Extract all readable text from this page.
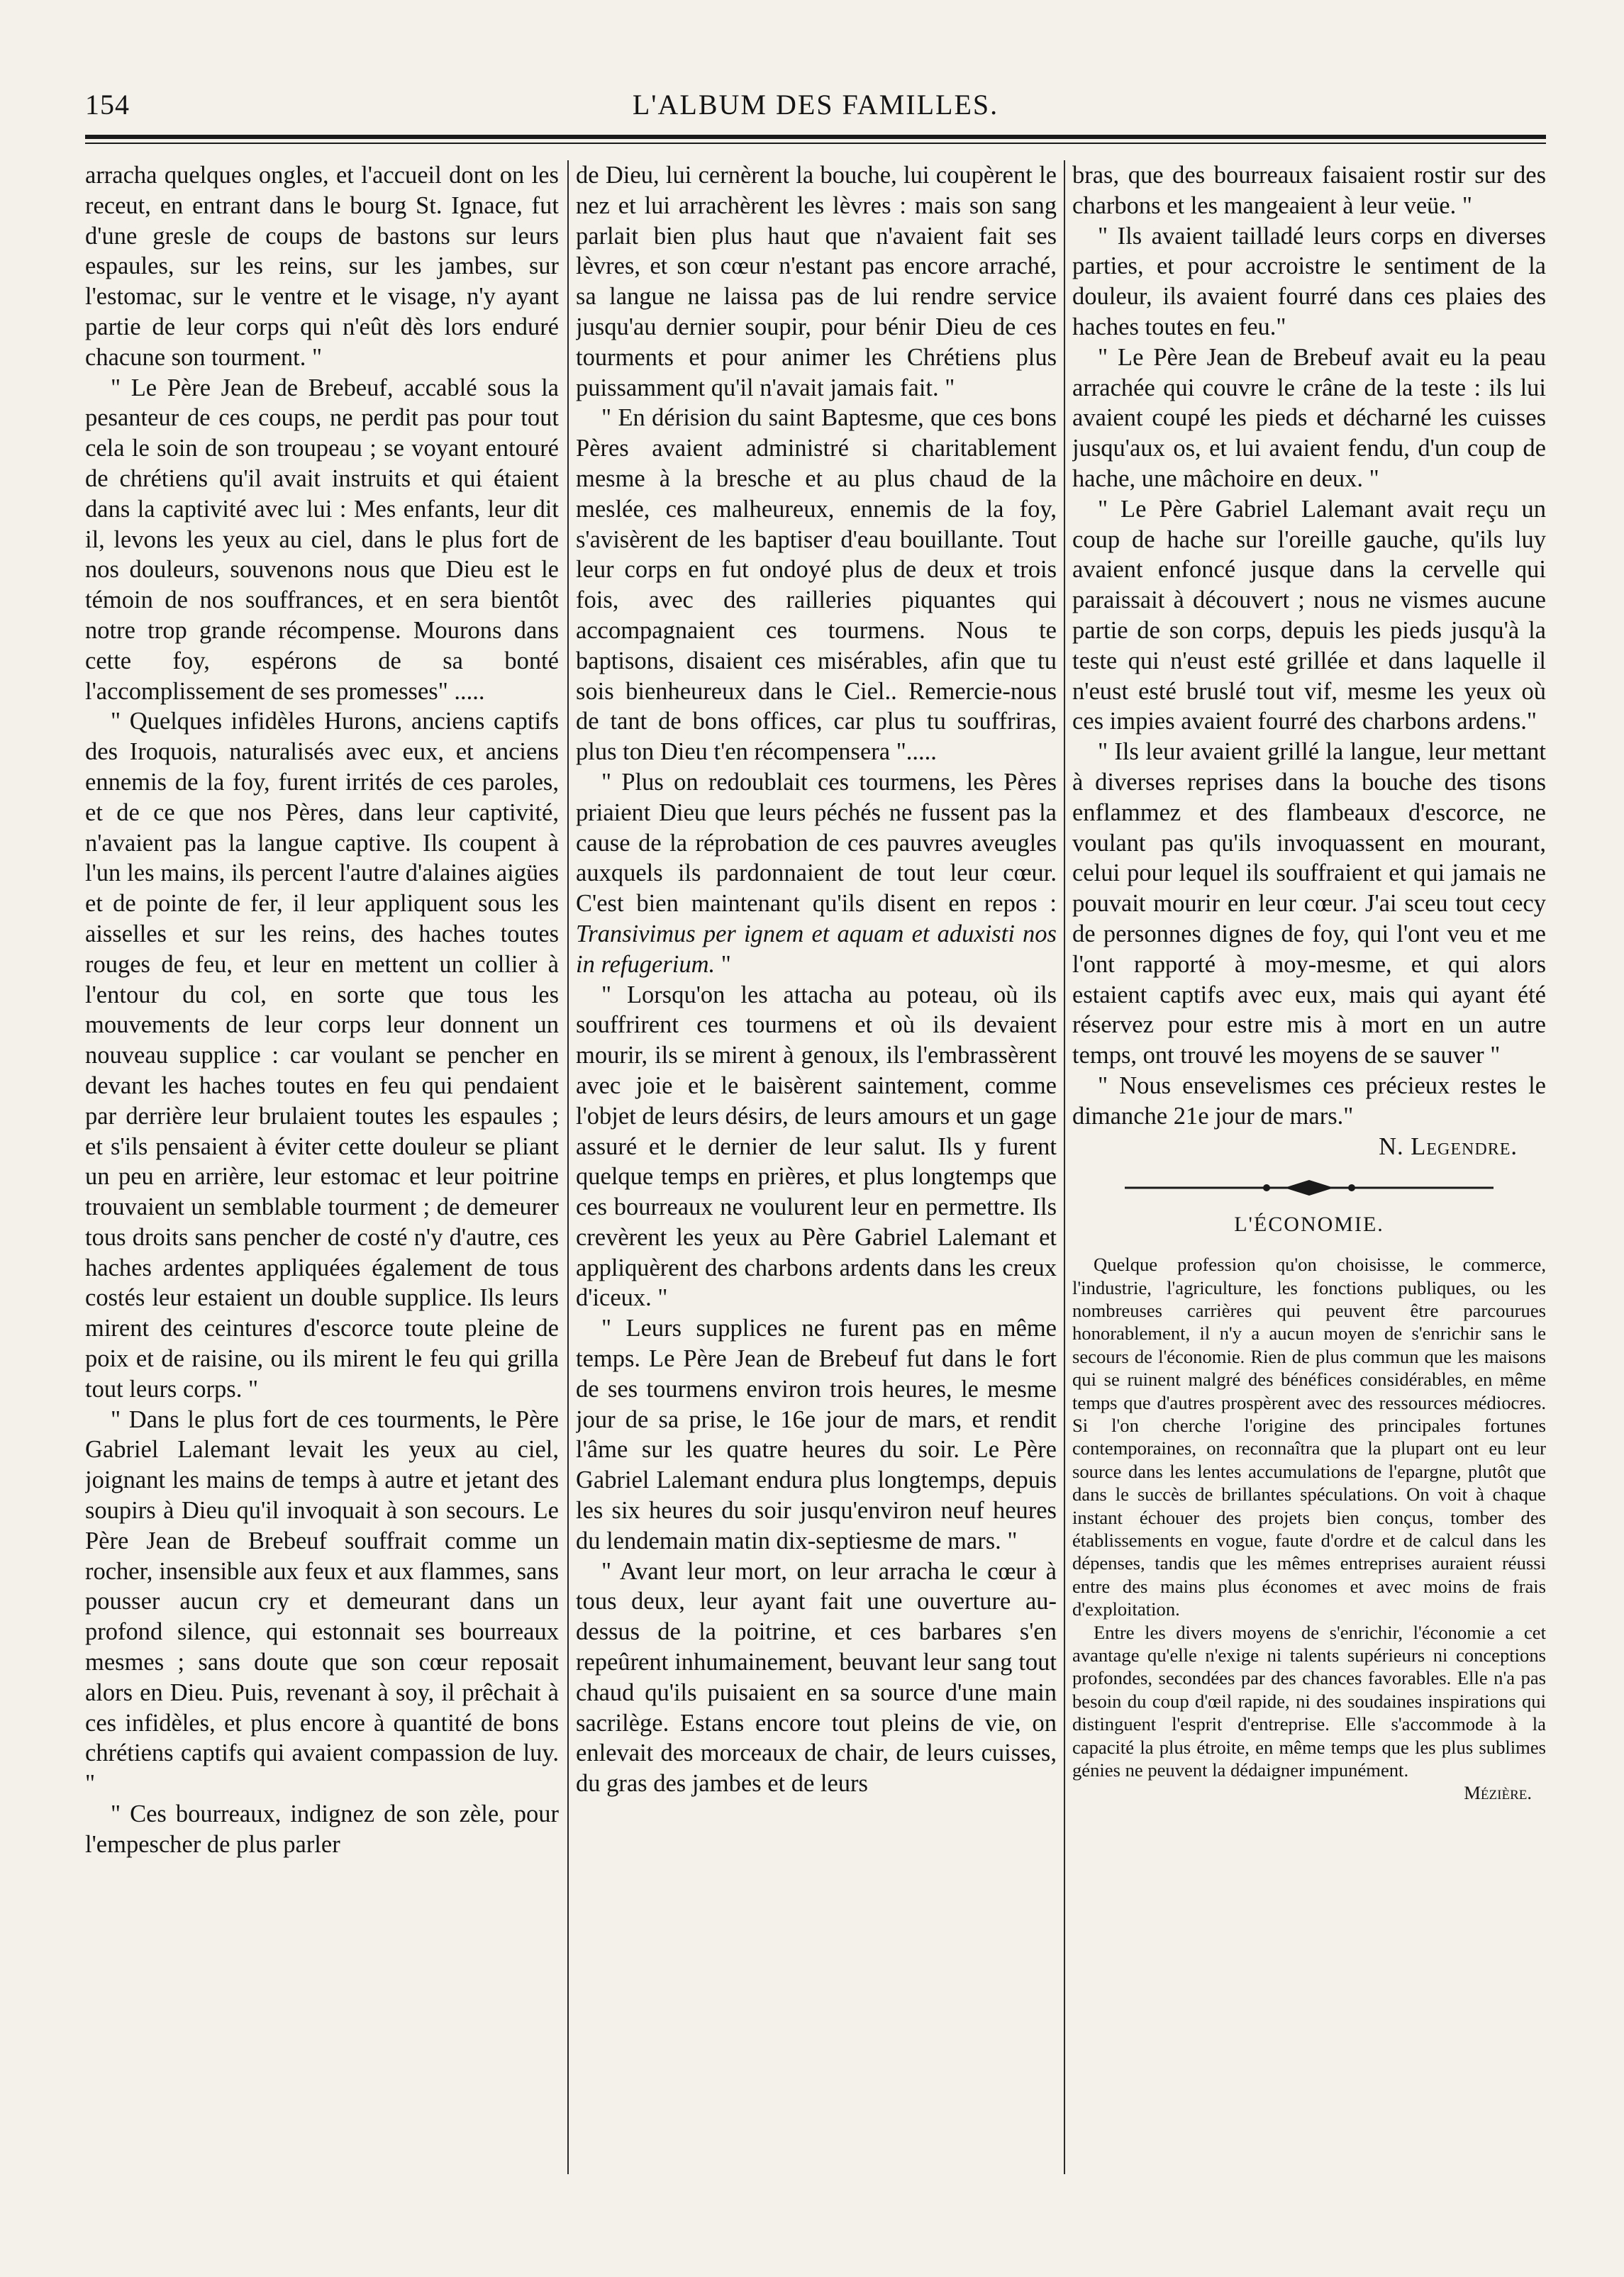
154	L'ALBUM DES FAMILLES.

arracha quelques ongles, et l'accueil dont on les receut, en entrant dans le bourg St. Ignace, fut d'une gresle de coups de bastons sur leurs espaules, sur les reins, sur les jambes, sur l'estomac, sur le ventre et le visage, n'y ayant partie de leur corps qui n'eût dès lors enduré chacune son tourment. "

" Le Père Jean de Brebeuf, accablé sous la pesanteur de ces coups, ne perdit pas pour tout cela le soin de son troupeau ; se voyant entouré de chrétiens qu'il avait instruits et qui étaient dans la captivité avec lui : Mes enfants, leur dit il, levons les yeux au ciel, dans le plus fort de nos douleurs, souvenons nous que Dieu est le témoin de nos souffrances, et en sera bientôt notre trop grande récompense. Mourons dans cette foy, espérons de sa bonté l'accomplissement de ses promesses" .....

" Quelques infidèles Hurons, anciens captifs des Iroquois, naturalisés avec eux, et anciens ennemis de la foy, furent irrités de ces paroles, et de ce que nos Pères, dans leur captivité, n'avaient pas la langue captive. Ils coupent à l'un les mains, ils percent l'autre d'alaines aigües et de pointe de fer, il leur appliquent sous les aisselles et sur les reins, des haches toutes rouges de feu, et leur en mettent un collier à l'entour du col, en sorte que tous les mouvements de leur corps leur donnent un nouveau supplice : car voulant se pencher en devant les haches toutes en feu qui pendaient par derrière leur brulaient toutes les espaules ; et s'ils pensaient à éviter cette douleur se pliant un peu en arrière, leur estomac et leur poitrine trouvaient un semblable tourment ; de demeurer tous droits sans pencher de costé n'y d'autre, ces haches ardentes appliquées également de tous costés leur estaient un double supplice. Ils leurs mirent des ceintures d'escorce toute pleine de poix et de raisine, ou ils mirent le feu qui grilla tout leurs corps. "

" Dans le plus fort de ces tourments, le Père Gabriel Lalemant levait les yeux au ciel, joignant les mains de temps à autre et jetant des soupirs à Dieu qu'il invoquait à son secours. Le Père Jean de Brebeuf souffrait comme un rocher, insensible aux feux et aux flammes, sans pousser aucun cry et demeurant dans un profond silence, qui estonnait ses bourreaux mesmes ; sans doute que son cœur reposait alors en Dieu. Puis, revenant à soy, il prêchait à ces infidèles, et plus encore à quantité de bons chrétiens captifs qui avaient compassion de luy. "

" Ces bourreaux, indignez de son zèle, pour l'empescher de plus parler

de Dieu, lui cernèrent la bouche, lui coupèrent le nez et lui arrachèrent les lèvres : mais son sang parlait bien plus haut que n'avaient fait ses lèvres, et son cœur n'estant pas encore arraché, sa langue ne laissa pas de lui rendre service jusqu'au dernier soupir, pour bénir Dieu de ces tourments et pour animer les Chrétiens plus puissamment qu'il n'avait jamais fait. "

" En dérision du saint Baptesme, que ces bons Pères avaient administré si charitablement mesme à la bresche et au plus chaud de la meslée, ces malheureux, ennemis de la foy, s'avisèrent de les baptiser d'eau bouillante. Tout leur corps en fut ondoyé plus de deux et trois fois, avec des railleries piquantes qui accompagnaient ces tourmens. Nous te baptisons, disaient ces misérables, afin que tu sois bienheureux dans le Ciel.. Remercie-nous de tant de bons offices, car plus tu souffriras, plus ton Dieu t'en récompensera ".....

" Plus on redoublait ces tourmens, les Pères priaient Dieu que leurs péchés ne fussent pas la cause de la réprobation de ces pauvres aveugles auxquels ils pardonnaient de tout leur cœur. C'est bien maintenant qu'ils disent en repos : Transivimus per ignem et aquam et aduxisti nos in refugerium. "

" Lorsqu'on les attacha au poteau, où ils souffrirent ces tourmens et où ils devaient mourir, ils se mirent à genoux, ils l'embrassèrent avec joie et le baisèrent saintement, comme l'objet de leurs désirs, de leurs amours et un gage assuré et le dernier de leur salut. Ils y furent quelque temps en prières, et plus longtemps que ces bourreaux ne voulurent leur en permettre. Ils crevèrent les yeux au Père Gabriel Lalemant et appliquèrent des charbons ardents dans les creux d'iceux. "

" Leurs supplices ne furent pas en même temps. Le Père Jean de Brebeuf fut dans le fort de ses tourmens environ trois heures, le mesme jour de sa prise, le 16e jour de mars, et rendit l'âme sur les quatre heures du soir. Le Père Gabriel Lalemant endura plus longtemps, depuis les six heures du soir jusqu'environ neuf heures du lendemain matin dix-septiesme de mars. "

" Avant leur mort, on leur arracha le cœur à tous deux, leur ayant fait une ouverture au-dessus de la poitrine, et ces barbares s'en repeûrent inhumainement, beuvant leur sang tout chaud qu'ils puisaient en sa source d'une main sacrilège. Estans encore tout pleins de vie, on enlevait des morceaux de chair, de leurs cuisses, du gras des jambes et de leurs

bras, que des bourreaux faisaient rostir sur des charbons et les mangeaient à leur veüe. "

" Ils avaient tailladé leurs corps en diverses parties, et pour accroistre le sentiment de la douleur, ils avaient fourré dans ces plaies des haches toutes en feu."

" Le Père Jean de Brebeuf avait eu la peau arrachée qui couvre le crâne de la teste : ils lui avaient coupé les pieds et décharné les cuisses jusqu'aux os, et lui avaient fendu, d'un coup de hache, une mâchoire en deux. "

" Le Père Gabriel Lalemant avait reçu un coup de hache sur l'oreille gauche, qu'ils luy avaient enfoncé jusque dans la cervelle qui paraissait à découvert ; nous ne vismes aucune partie de son corps, depuis les pieds jusqu'à la teste qui n'eust esté grillée et dans laquelle il n'eust esté bruslé tout vif, mesme les yeux où ces impies avaient fourré des charbons ardens."

" Ils leur avaient grillé la langue, leur mettant à diverses reprises dans la bouche des tisons enflammez et des flambeaux d'escorce, ne voulant pas qu'ils invoquassent en mourant, celui pour lequel ils souffraient et qui jamais ne pouvait mourir en leur cœur. J'ai sceu tout cecy de personnes dignes de foy, qui l'ont veu et me l'ont rapporté à moy-mesme, et qui alors estaient captifs avec eux, mais qui ayant été réservez pour estre mis à mort en un autre temps, ont trouvé les moyens de se sauver "

" Nous ensevelismes ces précieux restes le dimanche 21e jour de mars."

N. Legendre.
L'ÉCONOMIE.

Quelque profession qu'on choisisse, le commerce, l'industrie, l'agriculture, les fonctions publiques, ou les nombreuses carrières qui peuvent être parcourues honorablement, il n'y a aucun moyen de s'enrichir sans le secours de l'économie. Rien de plus commun que les maisons qui se ruinent malgré des bénéfices considérables, en même temps que d'autres prospèrent avec des ressources médiocres. Si l'on cherche l'origine des principales fortunes contemporaines, on reconnaîtra que la plupart ont eu leur source dans les lentes accumulations de l'epargne, plutôt que dans le succès de brillantes spéculations. On voit à chaque instant échouer des projets bien conçus, tomber des établissements en vogue, faute d'ordre et de calcul dans les dépenses, tandis que les mêmes entreprises auraient réussi entre des mains plus économes et avec moins de frais d'exploitation.

Entre les divers moyens de s'enrichir, l'économie a cet avantage qu'elle n'exige ni talents supérieurs ni conceptions profondes, secondées par des chances favorables. Elle n'a pas besoin du coup d'œil rapide, ni des soudaines inspirations qui distinguent l'esprit d'entreprise. Elle s'accommode à la capacité la plus étroite, en même temps que les plus sublimes génies ne peuvent la dédaigner impunément.

Mézière.
